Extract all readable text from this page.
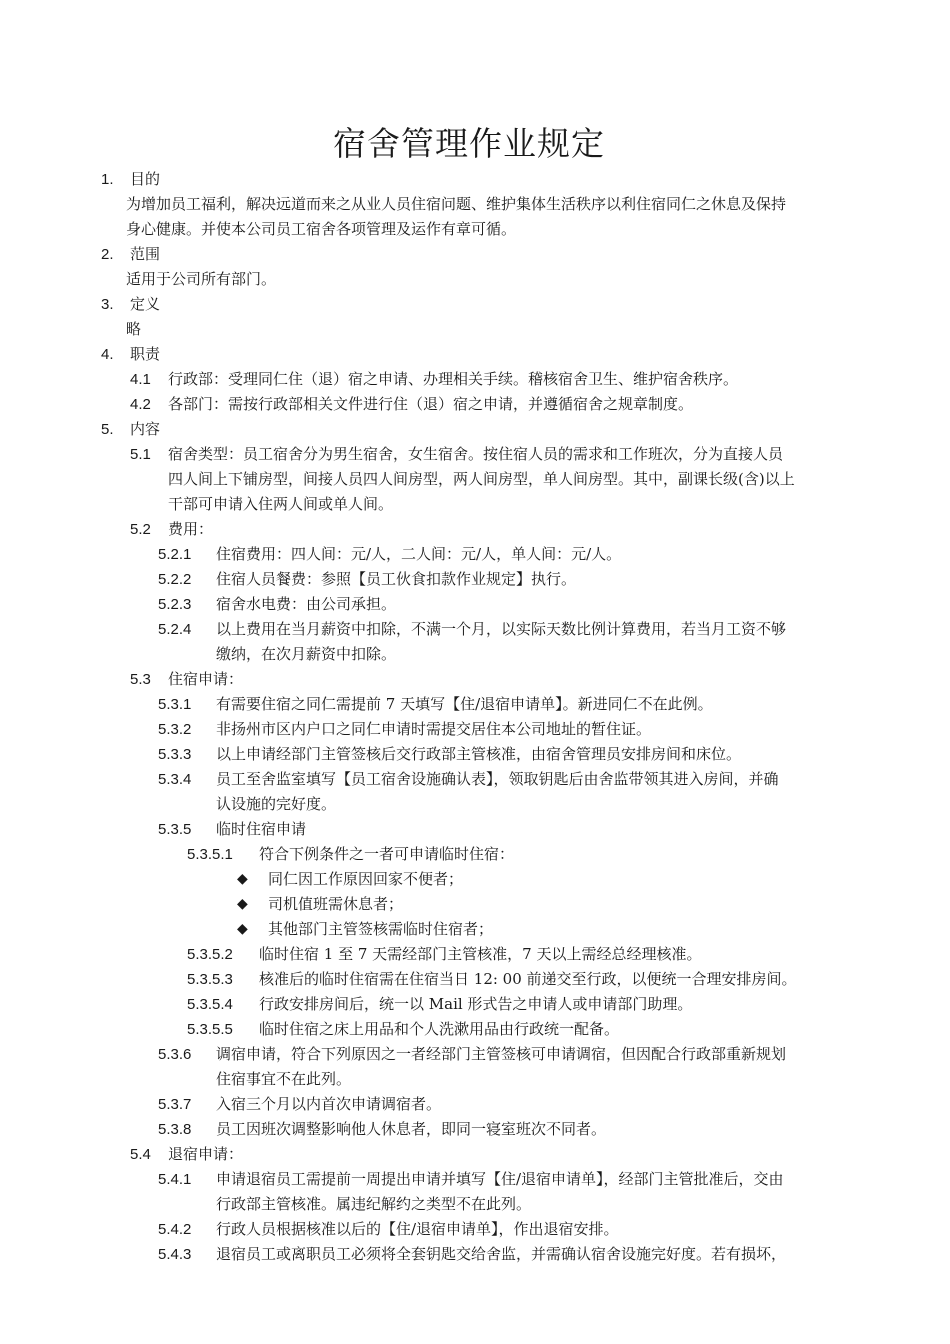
宿舍管理作业规定
1. 目的
为增加员工福利，解决远道而来之从业人员住宿问题、维护集体生活秩序以利住宿同仁之休息及保持
身心健康。并使本公司员工宿舍各项管理及运作有章可循。
2. 范围
适用于公司所有部门。
3. 定义
略
4. 职责
4.1 行政部：受理同仁住（退）宿之申请、办理相关手续。稽核宿舍卫生、维护宿舍秩序。
4.2 各部门：需按行政部相关文件进行住（退）宿之申请，并遵循宿舍之规章制度。
5. 内容
5.1 宿舍类型：员工宿舍分为男生宿舍，女生宿舍。按住宿人员的需求和工作班次，分为直接人员
四人间上下铺房型，间接人员四人间房型，两人间房型，单人间房型。其中，副课长级(含)以上
干部可申请入住两人间或单人间。
5.2 费用：
5.2.1 住宿费用：四人间：元/人，二人间：元/人，单人间：元/人。
5.2.2 住宿人员餐费：参照【员工伙食扣款作业规定】执行。
5.2.3 宿舍水电费：由公司承担。
5.2.4 以上费用在当月薪资中扣除，不满一个月，以实际天数比例计算费用，若当月工资不够
缴纳，在次月薪资中扣除。
5.3 住宿申请：
5.3.1 有需要住宿之同仁需提前 7 天填写【住/退宿申请单】。新进同仁不在此例。
5.3.2 非扬州市区内户口之同仁申请时需提交居住本公司地址的暂住证。
5.3.3 以上申请经部门主管签核后交行政部主管核准，由宿舍管理员安排房间和床位。
5.3.4 员工至舍监室填写【员工宿舍设施确认表】，领取钥匙后由舍监带领其进入房间，并确
认设施的完好度。
5.3.5 临时住宿申请
5.3.5.1 符合下例条件之一者可申请临时住宿：
◆ 同仁因工作原因回家不便者；
◆ 司机值班需休息者；
◆ 其他部门主管签核需临时住宿者；
5.3.5.2 临时住宿 1 至 7 天需经部门主管核准，7 天以上需经总经理核准。
5.3.5.3 核准后的临时住宿需在住宿当日 12: 00 前递交至行政，以便统一合理安排房间。
5.3.5.4 行政安排房间后，统一以 Mail 形式告之申请人或申请部门助理。
5.3.5.5 临时住宿之床上用品和个人洗漱用品由行政统一配备。
5.3.6 调宿申请，符合下列原因之一者经部门主管签核可申请调宿，但因配合行政部重新规划
住宿事宜不在此列。
5.3.7 入宿三个月以内首次申请调宿者。
5.3.8 员工因班次调整影响他人休息者，即同一寝室班次不同者。
5.4 退宿申请：
5.4.1 申请退宿员工需提前一周提出申请并填写【住/退宿申请单】，经部门主管批准后，交由
行政部主管核准。属违纪解约之类型不在此列。
5.4.2 行政人员根据核准以后的【住/退宿申请单】，作出退宿安排。
5.4.3 退宿员工或离职员工必须将全套钥匙交给舍监，并需确认宿舍设施完好度。若有损坏，
